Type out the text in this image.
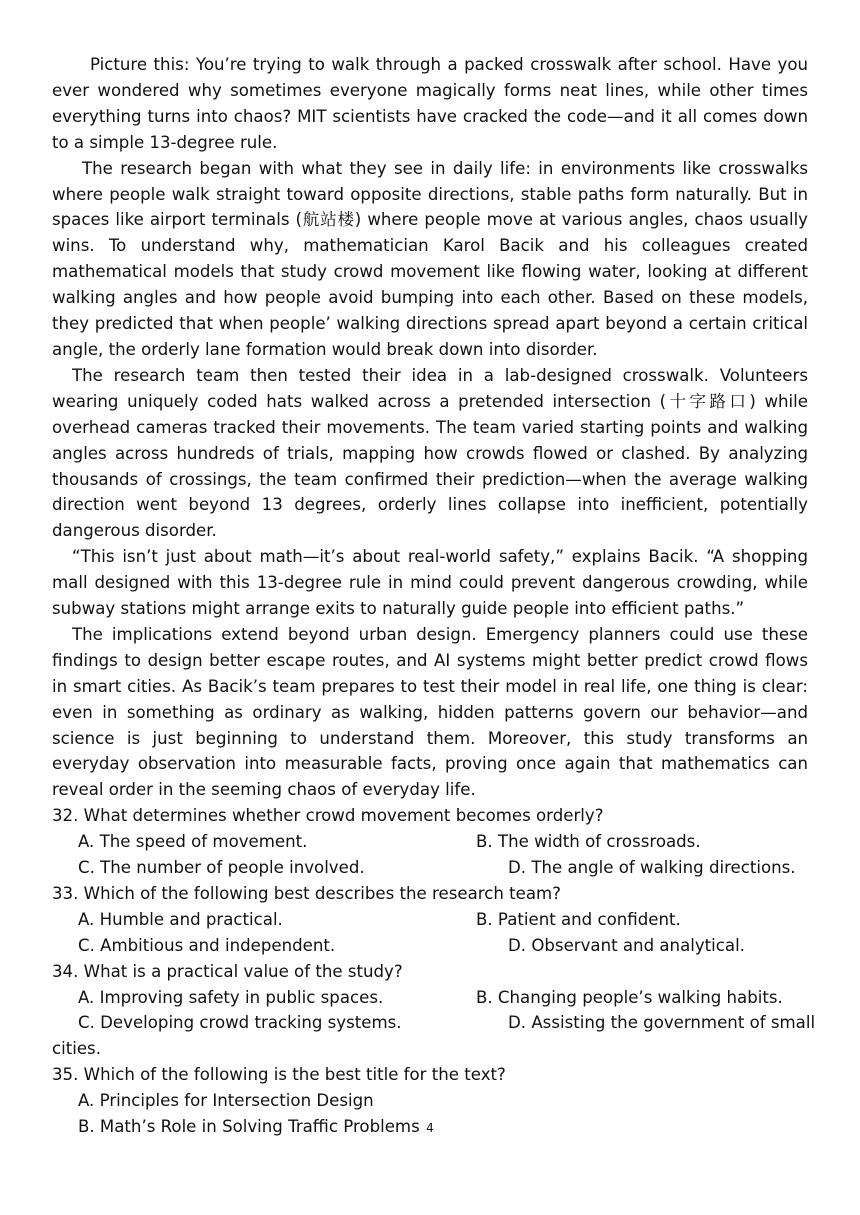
Picture this: You’re trying to walk through a packed crosswalk after school. Have you ever wondered why sometimes everyone magically forms neat lines, while other times everything turns into chaos? MIT scientists have cracked the code—and it all comes down to a simple 13-degree rule.

The research began with what they see in daily life: in environments like crosswalks where people walk straight toward opposite directions, stable paths form naturally. But in spaces like airport terminals (航站楼) where people move at various angles, chaos usually wins. To understand why, mathematician Karol Bacik and his colleagues created mathematical models that study crowd movement like flowing water, looking at different walking angles and how people avoid bumping into each other. Based on these models, they predicted that when people’ walking directions spread apart beyond a certain critical angle, the orderly lane formation would break down into disorder.

The research team then tested their idea in a lab-designed crosswalk. Volunteers wearing uniquely coded hats walked across a pretended intersection (十字路口) while overhead cameras tracked their movements. The team varied starting points and walking angles across hundreds of trials, mapping how crowds flowed or clashed. By analyzing thousands of crossings, the team confirmed their prediction—when the average walking direction went beyond 13 degrees, orderly lines collapse into inefficient, potentially dangerous disorder.

“This isn’t just about math—it’s about real-world safety,” explains Bacik. “A shopping mall designed with this 13-degree rule in mind could prevent dangerous crowding, while subway stations might arrange exits to naturally guide people into efficient paths.”

The implications extend beyond urban design. Emergency planners could use these findings to design better escape routes, and AI systems might better predict crowd flows in smart cities. As Bacik’s team prepares to test their model in real life, one thing is clear: even in something as ordinary as walking, hidden patterns govern our behavior—and science is just beginning to understand them. Moreover, this study transforms an everyday observation into measurable facts, proving once again that mathematics can reveal order in the seeming chaos of everyday life.

32. What determines whether crowd movement becomes orderly?

A. The speed of movement.	B. The width of crossroads.
C. The number of people involved.	D. The angle of walking directions.

33. Which of the following best describes the research team?

A. Humble and practical.	B. Patient and confident.
C. Ambitious and independent.	D. Observant and analytical.

34. What is a practical value of the study?

A. Improving safety in public spaces.	B. Changing people’s walking habits.
C. Developing crowd tracking systems.	D. Assisting the government of small

cities.

35. Which of the following is the best title for the text?

A. Principles for Intersection Design
B. Math’s Role in Solving Traffic Problems 4
